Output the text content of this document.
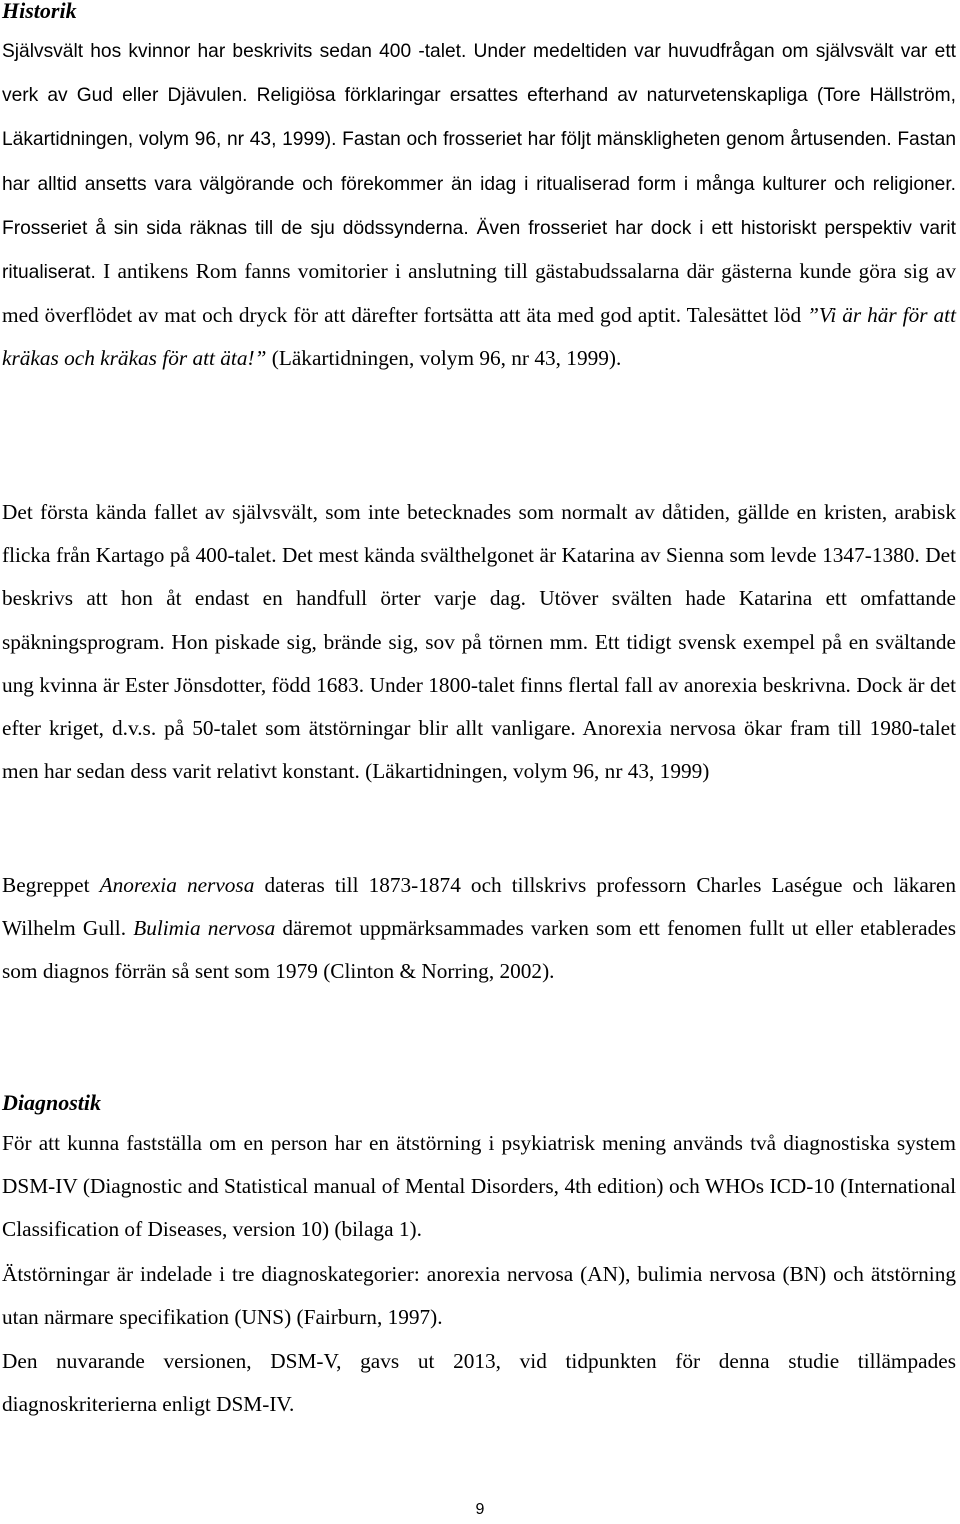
Historik

Självsvält hos kvinnor har beskrivits sedan 400 -talet. Under medeltiden var huvudfrågan om självsvält var ett verk av Gud eller Djävulen. Religiösa förklaringar ersattes efterhand av naturvetenskapliga (Tore Hällström, Läkartidningen, volym 96, nr 43, 1999). Fastan och frosseriet har följt mänskligheten genom årtusenden. Fastan har alltid ansetts vara välgörande och förekommer än idag i ritualiserad form i många kulturer och religioner. Frosseriet å sin sida räknas till de sju dödssynderna. Även frosseriet har dock i ett historiskt perspektiv varit ritualiserat. I antikens Rom fanns vomitorier i anslutning till gästabudssalarna där gästerna kunde göra sig av med överflödet av mat och dryck för att därefter fortsätta att äta med god aptit. Talesättet löd ”Vi är här för att kräkas och kräkas för att äta!” (Läkartidningen, volym 96, nr 43, 1999).

Det första kända fallet av självsvält, som inte betecknades som normalt av dåtiden, gällde en kristen, arabisk flicka från Kartago på 400-talet. Det mest kända svälthelgonet är Katarina av Sienna som levde 1347-1380. Det beskrivs att hon åt endast en handfull örter varje dag. Utöver svälten hade Katarina ett omfattande späkningsprogram. Hon piskade sig, brände sig, sov på törnen mm. Ett tidigt svensk exempel på en svältande ung kvinna är Ester Jönsdotter, född 1683. Under 1800-talet finns flertal fall av anorexia beskrivna. Dock är det efter kriget, d.v.s. på 50-talet som ätstörningar blir allt vanligare. Anorexia nervosa ökar fram till 1980-talet men har sedan dess varit relativt konstant. (Läkartidningen, volym 96, nr 43, 1999)

Begreppet Anorexia nervosa dateras till 1873-1874 och tillskrivs professorn Charles Laségue och läkaren Wilhelm Gull. Bulimia nervosa däremot uppmärksammades varken som ett fenomen fullt ut eller etablerades som diagnos förrän så sent som 1979 (Clinton & Norring, 2002).

Diagnostik

För att kunna fastställa om en person har en ätstörning i psykiatrisk mening används två diagnostiska system DSM-IV (Diagnostic and Statistical manual of Mental Disorders, 4th edition) och WHOs ICD-10 (International Classification of Diseases, version 10) (bilaga 1).

Ätstörningar är indelade i tre diagnoskategorier: anorexia nervosa (AN), bulimia nervosa (BN) och ätstörning utan närmare specifikation (UNS) (Fairburn, 1997).

Den nuvarande versionen, DSM-V, gavs ut 2013, vid tidpunkten för denna studie tillämpades diagnoskriterierna enligt DSM-IV.

9
